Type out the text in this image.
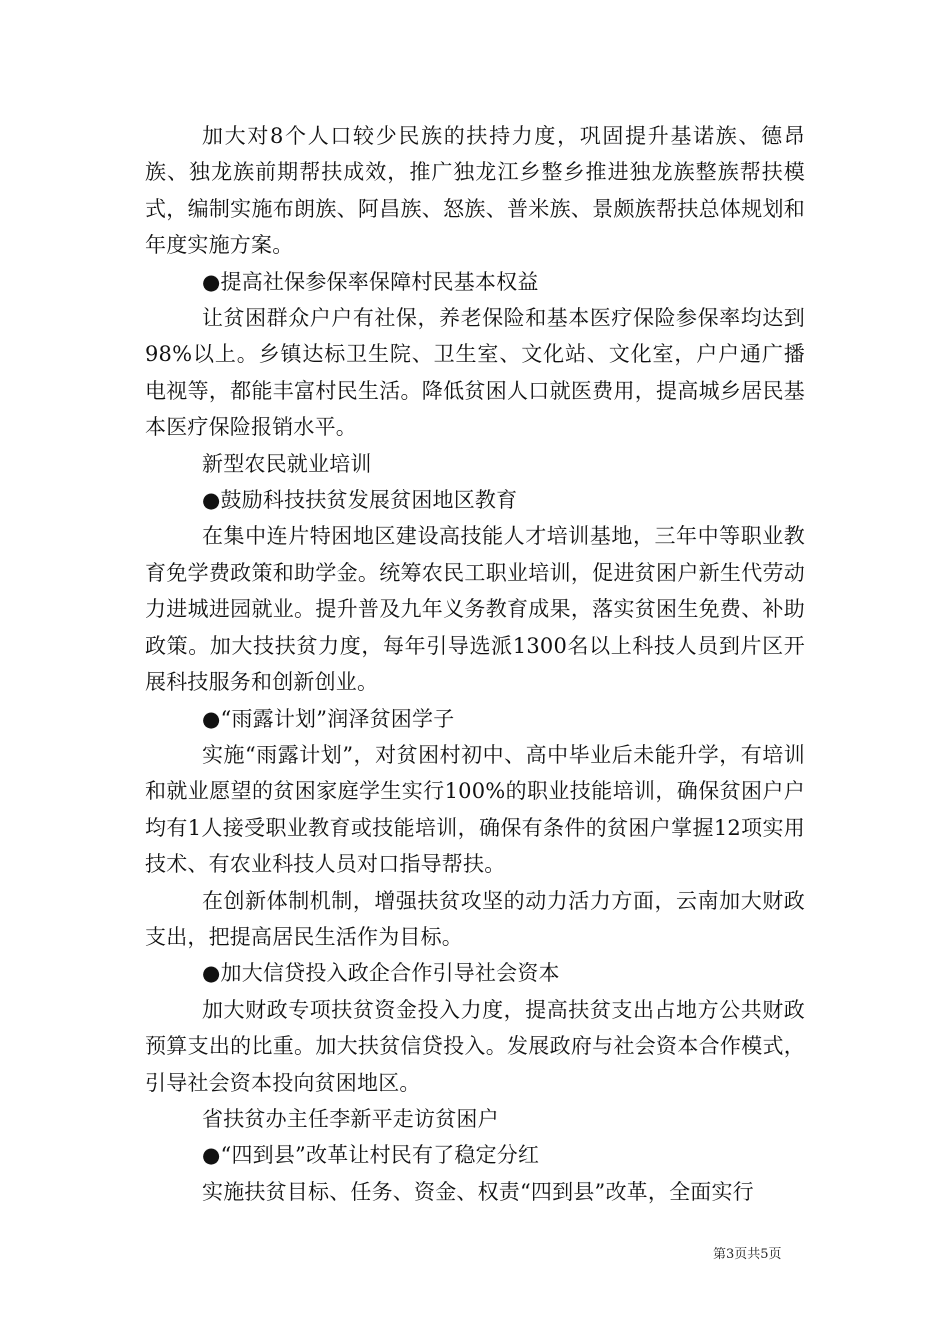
加大对8个人口较少民族的扶持力度，巩固提升基诺族、德昂族、独龙族前期帮扶成效，推广独龙江乡整乡推进独龙族整族帮扶模式，编制实施布朗族、阿昌族、怒族、普米族、景颇族帮扶总体规划和年度实施方案。

●提高社保参保率保障村民基本权益

让贫困群众户户有社保，养老保险和基本医疗保险参保率均达到98%以上。乡镇达标卫生院、卫生室、文化站、文化室，户户通广播电视等，都能丰富村民生活。降低贫困人口就医费用，提高城乡居民基本医疗保险报销水平。

新型农民就业培训

●鼓励科技扶贫发展贫困地区教育

在集中连片特困地区建设高技能人才培训基地，三年中等职业教育免学费政策和助学金。统筹农民工职业培训，促进贫困户新生代劳动力进城进园就业。提升普及九年义务教育成果，落实贫困生免费、补助政策。加大技扶贫力度，每年引导选派1300名以上科技人员到片区开展科技服务和创新创业。

●“雨露计划”润泽贫困学子

实施“雨露计划”，对贫困村初中、高中毕业后未能升学，有培训和就业愿望的贫困家庭学生实行100%的职业技能培训，确保贫困户户均有1人接受职业教育或技能培训，确保有条件的贫困户掌握12项实用技术、有农业科技人员对口指导帮扶。

在创新体制机制，增强扶贫攻坚的动力活力方面，云南加大财政支出，把提高居民生活作为目标。

●加大信贷投入政企合作引导社会资本

加大财政专项扶贫资金投入力度，提高扶贫支出占地方公共财政预算支出的比重。加大扶贫信贷投入。发展政府与社会资本合作模式，引导社会资本投向贫困地区。

省扶贫办主任李新平走访贫困户

●“四到县”改革让村民有了稳定分红

实施扶贫目标、任务、资金、权责“四到县”改革，全面实行

第3页共5页
